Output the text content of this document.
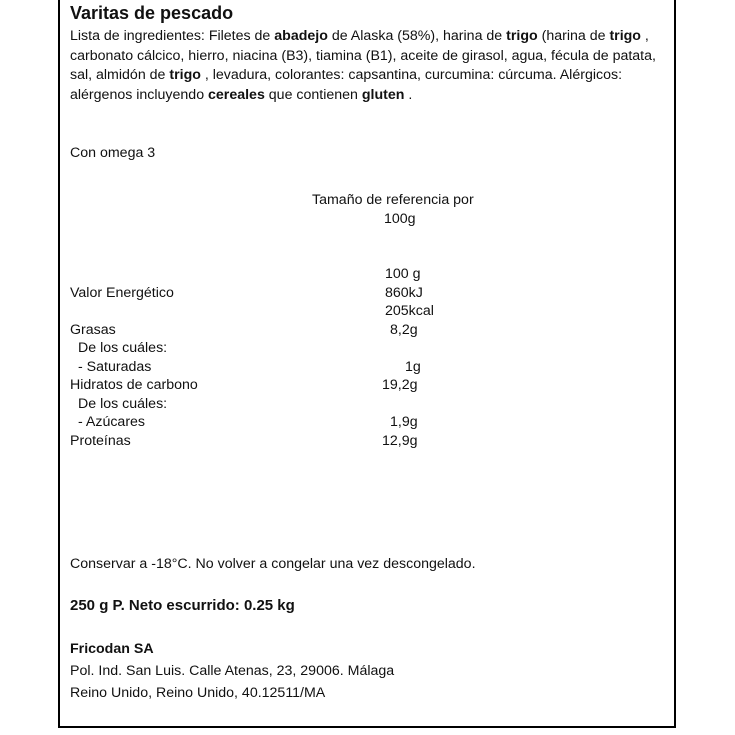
Varitas de pescado
Lista de ingredientes: Filetes de abadejo de Alaska (58%), harina de trigo (harina de trigo , carbonato cálcico, hierro, niacina (B3), tiamina (B1), aceite de girasol, agua, fécula de patata, sal, almidón de trigo , levadura, colorantes: capsantina, curcumina: cúrcuma. Alérgicos: alérgenos incluyendo cereales que contienen gluten .
Con omega 3
Tamaño de referencia por
100g
100 g
Valor Energético	860kJ
205kcal
Grasas	8,2g
De los cuáles:
- Saturadas	1g
Hidratos de carbono	19,2g
De los cuáles:
- Azúcares	1,9g
Proteínas	12,9g
Conservar a -18°C. No volver a congelar una vez descongelado.
250 g P. Neto escurrido: 0.25 kg
Fricodan SA
Pol. Ind. San Luis. Calle Atenas, 23, 29006. Málaga
Reino Unido, Reino Unido, 40.12511/MA
